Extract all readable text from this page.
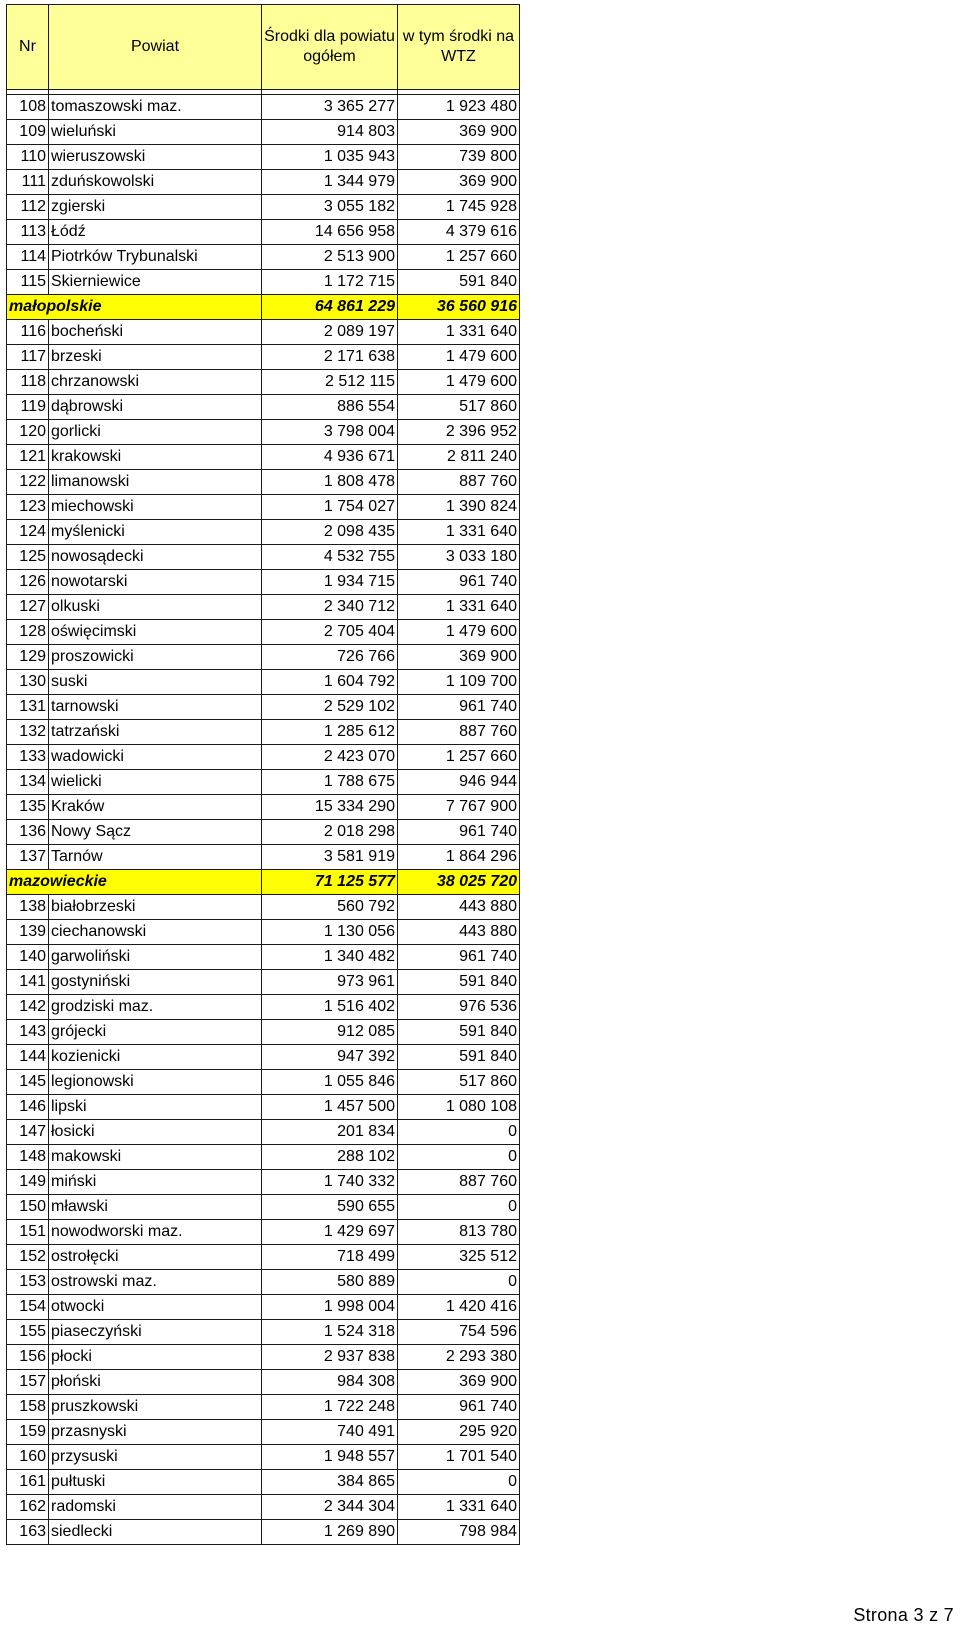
Nr	Powiat	Środki dla powiatu ogółem	w tym środki na WTZ

108	tomaszowski maz.	3 365 277	1 923 480
109	wieluński	914 803	369 900
110	wieruszowski	1 035 943	739 800
111	zduńskowolski	1 344 979	369 900
112	zgierski	3 055 182	1 745 928
113	Łódź	14 656 958	4 379 616
114	Piotrków Trybunalski	2 513 900	1 257 660
115	Skierniewice	1 172 715	591 840
małopolskie		64 861 229	36 560 916
116	bocheński	2 089 197	1 331 640
117	brzeski	2 171 638	1 479 600
118	chrzanowski	2 512 115	1 479 600
119	dąbrowski	886 554	517 860
120	gorlicki	3 798 004	2 396 952
121	krakowski	4 936 671	2 811 240
122	limanowski	1 808 478	887 760
123	miechowski	1 754 027	1 390 824
124	myślenicki	2 098 435	1 331 640
125	nowosądecki	4 532 755	3 033 180
126	nowotarski	1 934 715	961 740
127	olkuski	2 340 712	1 331 640
128	oświęcimski	2 705 404	1 479 600
129	proszowicki	726 766	369 900
130	suski	1 604 792	1 109 700
131	tarnowski	2 529 102	961 740
132	tatrzański	1 285 612	887 760
133	wadowicki	2 423 070	1 257 660
134	wielicki	1 788 675	946 944
135	Kraków	15 334 290	7 767 900
136	Nowy Sącz	2 018 298	961 740
137	Tarnów	3 581 919	1 864 296
mazowieckie		71 125 577	38 025 720
138	białobrzeski	560 792	443 880
139	ciechanowski	1 130 056	443 880
140	garwoliński	1 340 482	961 740
141	gostyniński	973 961	591 840
142	grodziski maz.	1 516 402	976 536
143	grójecki	912 085	591 840
144	kozienicki	947 392	591 840
145	legionowski	1 055 846	517 860
146	lipski	1 457 500	1 080 108
147	łosicki	201 834	0
148	makowski	288 102	0
149	miński	1 740 332	887 760
150	mławski	590 655	0
151	nowodworski maz.	1 429 697	813 780
152	ostrołęcki	718 499	325 512
153	ostrowski maz.	580 889	0
154	otwocki	1 998 004	1 420 416
155	piaseczyński	1 524 318	754 596
156	płocki	2 937 838	2 293 380
157	płoński	984 308	369 900
158	pruszkowski	1 722 248	961 740
159	przasnyski	740 491	295 920
160	przysuski	1 948 557	1 701 540
161	pułtuski	384 865	0
162	radomski	2 344 304	1 331 640
163	siedlecki	1 269 890	798 984
Strona 3 z 7
